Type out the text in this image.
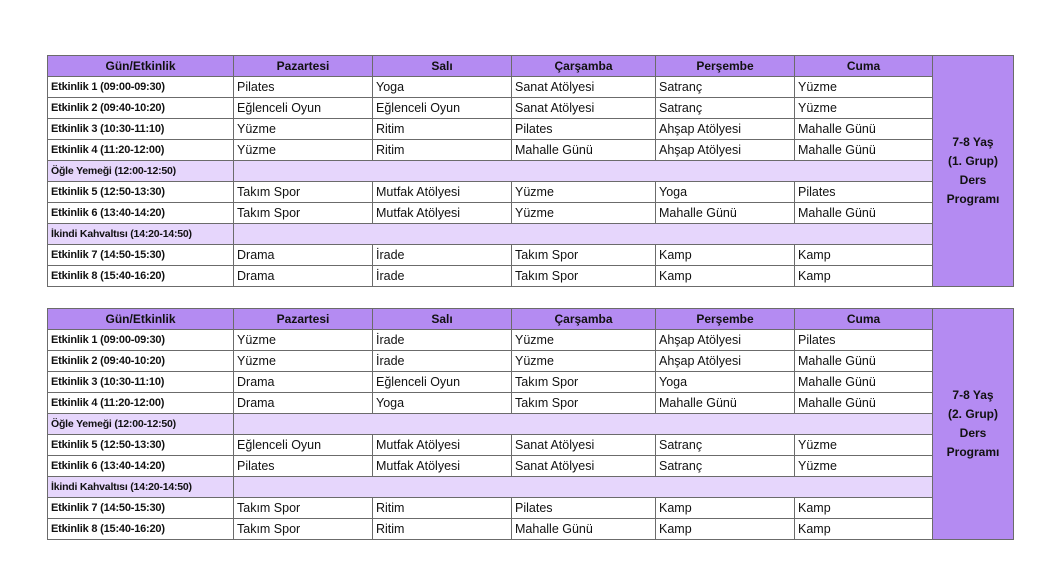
Gün/Etkinlik	Pazartesi	Salı	Çarşamba	Perşembe	Cuma	7-8 Yaş
(1. Grup)
Ders
Programı

Etkinlik 1 (09:00-09:30)	Pilates	Yoga	Sanat Atölyesi	Satranç	Yüzme	
Etkinlik 2 (09:40-10:20)	Eğlenceli Oyun	Eğlenceli Oyun	Sanat Atölyesi	Satranç	Yüzme	
Etkinlik 3 (10:30-11:10)	Yüzme	Ritim	Pilates	Ahşap Atölyesi	Mahalle Günü	
Etkinlik 4 (11:20-12:00)	Yüzme	Ritim	Mahalle Günü	Ahşap Atölyesi	Mahalle Günü	
Öğle Yemeği (12:00-12:50)						
Etkinlik 5 (12:50-13:30)	Takım Spor	Mutfak Atölyesi	Yüzme	Yoga	Pilates	
Etkinlik 6 (13:40-14:20)	Takım Spor	Mutfak Atölyesi	Yüzme	Mahalle Günü	Mahalle Günü	
İkindi Kahvaltısı (14:20-14:50)						
Etkinlik 7 (14:50-15:30)	Drama	İrade	Takım Spor	Kamp	Kamp	
Etkinlik 8 (15:40-16:20)	Drama	İrade	Takım Spor	Kamp	Kamp	

Gün/Etkinlik	Pazartesi	Salı	Çarşamba	Perşembe	Cuma	7-8 Yaş
(2. Grup)
Ders
Programı

Etkinlik 1 (09:00-09:30)	Yüzme	İrade	Yüzme	Ahşap Atölyesi	Pilates	
Etkinlik 2 (09:40-10:20)	Yüzme	İrade	Yüzme	Ahşap Atölyesi	Mahalle Günü	
Etkinlik 3 (10:30-11:10)	Drama	Eğlenceli Oyun	Takım Spor	Yoga	Mahalle Günü	
Etkinlik 4 (11:20-12:00)	Drama	Yoga	Takım Spor	Mahalle Günü	Mahalle Günü	
Öğle Yemeği (12:00-12:50)						
Etkinlik 5 (12:50-13:30)	Eğlenceli Oyun	Mutfak Atölyesi	Sanat Atölyesi	Satranç	Yüzme	
Etkinlik 6 (13:40-14:20)	Pilates	Mutfak Atölyesi	Sanat Atölyesi	Satranç	Yüzme	
İkindi Kahvaltısı (14:20-14:50)						
Etkinlik 7 (14:50-15:30)	Takım Spor	Ritim	Pilates	Kamp	Kamp	
Etkinlik 8 (15:40-16:20)	Takım Spor	Ritim	Mahalle Günü	Kamp	Kamp	
